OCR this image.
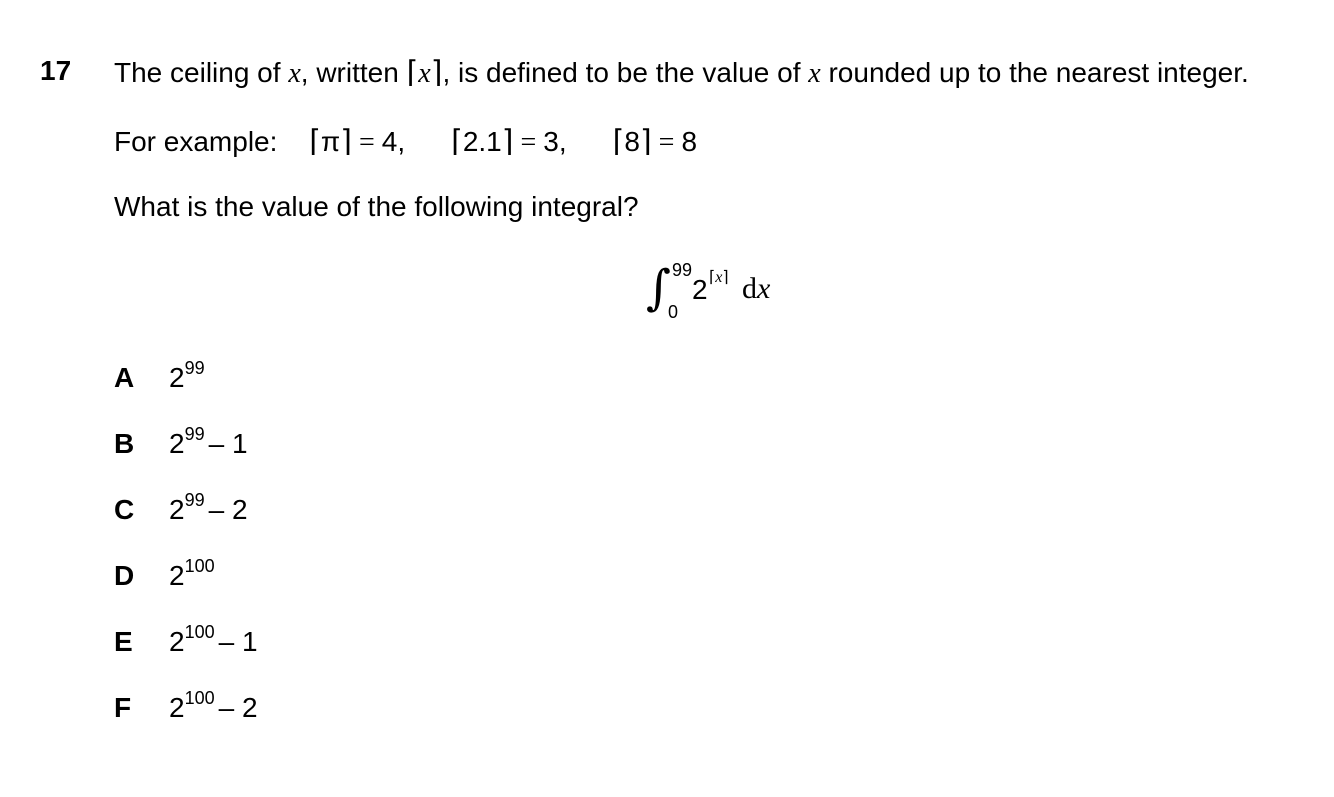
17 The ceiling of x, written ⌈x⌉, is defined to be the value of x rounded up to the nearest integer.
For example: ⌈π⌉ = 4, ⌈2.1⌉ = 3, ⌈8⌉ = 8
What is the value of the following integral?
∫ 99
0
2 ⌈x⌉ dx
A	$2^{99}$
B	$2^{99} - 1$
C	$2^{99} - 2$
D	$2^{100}$
E	$2^{100} - 1$
F	$2^{100} - 2$
